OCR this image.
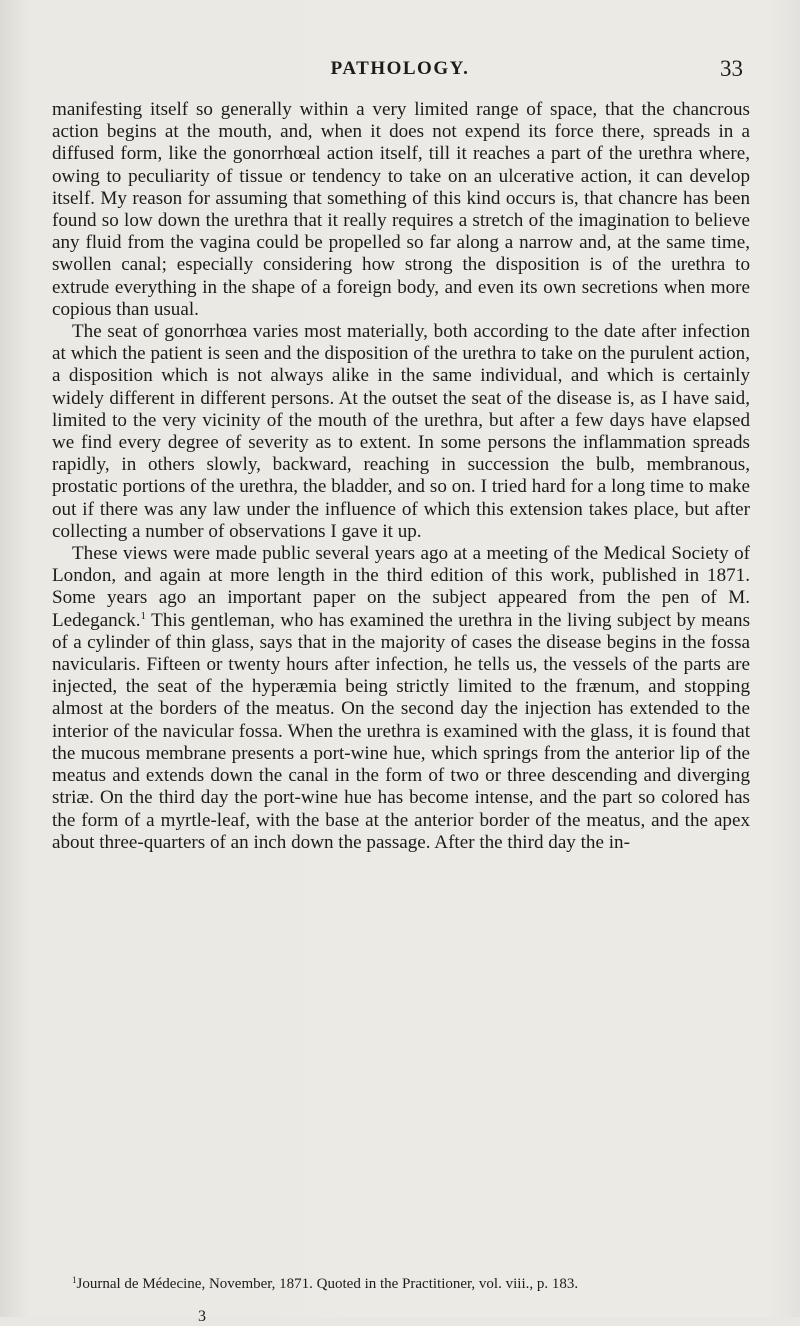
PATHOLOGY.	33

manifesting itself so generally within a very limited range of space, that the chancrous action begins at the mouth, and, when it does not expend its force there, spreads in a diffused form, like the gonorrhœal action itself, till it reaches a part of the urethra where, owing to peculiarity of tissue or tendency to take on an ulcerative action, it can develop itself. My reason for assuming that something of this kind occurs is, that chancre has been found so low down the urethra that it really requires a stretch of the imagination to believe any fluid from the vagina could be propelled so far along a narrow and, at the same time, swollen canal; especially considering how strong the disposition is of the urethra to extrude everything in the shape of a foreign body, and even its own secretions when more copious than usual.

The seat of gonorrhœa varies most materially, both according to the date after infection at which the patient is seen and the disposition of the urethra to take on the purulent action, a disposition which is not always alike in the same individual, and which is certainly widely different in different persons. At the outset the seat of the disease is, as I have said, limited to the very vicinity of the mouth of the urethra, but after a few days have elapsed we find every degree of severity as to extent. In some persons the inflammation spreads rapidly, in others slowly, backward, reaching in succession the bulb, membranous, prostatic portions of the urethra, the bladder, and so on. I tried hard for a long time to make out if there was any law under the influence of which this extension takes place, but after collecting a number of observations I gave it up.

These views were made public several years ago at a meeting of the Medical Society of London, and again at more length in the third edition of this work, published in 1871. Some years ago an important paper on the subject appeared from the pen of M. Ledeganck.$^1$ This gentleman, who has examined the urethra in the living subject by means of a cylinder of thin glass, says that in the majority of cases the disease begins in the fossa navicularis. Fifteen or twenty hours after infection, he tells us, the vessels of the parts are injected, the seat of the hyperæmia being strictly limited to the frænum, and stopping almost at the borders of the meatus. On the second day the injection has extended to the interior of the navicular fossa. When the urethra is examined with the glass, it is found that the mucous membrane presents a port-wine hue, which springs from the anterior lip of the meatus and extends down the canal in the form of two or three descending and diverging striæ. On the third day the port-wine hue has become intense, and the part so colored has the form of a myrtle-leaf, with the base at the anterior border of the meatus, and the apex about three-quarters of an inch down the passage. After the third day the in-

$^1$Journal de Médecine, November, 1871. Quoted in the Practitioner, vol. viii., p. 183.
3
